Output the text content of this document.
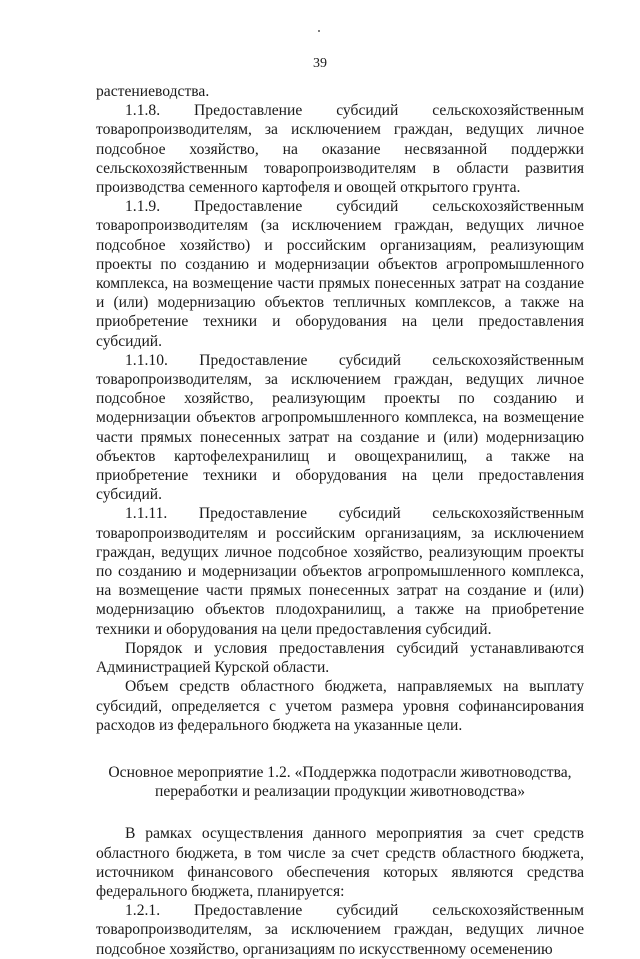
39

растениеводства.

1.1.8. Предоставление субсидий сельскохозяйственным товаропроизводителям, за исключением граждан, ведущих личное подсобное хозяйство, на оказание несвязанной поддержки сельскохозяйственным товаропроизводителям в области развития производства семенного картофеля и овощей открытого грунта.

1.1.9. Предоставление субсидий сельскохозяйственным товаропроизводителям (за исключением граждан, ведущих личное подсобное хозяйство) и российским организациям, реализующим проекты по созданию и модернизации объектов агропромышленного комплекса, на возмещение части прямых понесенных затрат на создание и (или) модернизацию объектов тепличных комплексов, а также на приобретение техники и оборудования на цели предоставления субсидий.

1.1.10. Предоставление субсидий сельскохозяйственным товаропроизводителям, за исключением граждан, ведущих личное подсобное хозяйство, реализующим проекты по созданию и модернизации объектов агропромышленного комплекса, на возмещение части прямых понесенных затрат на создание и (или) модернизацию объектов картофелехранилищ и овощехранилищ, а также на приобретение техники и оборудования на цели предоставления субсидий.

1.1.11. Предоставление субсидий сельскохозяйственным товаропроизводителям и российским организациям, за исключением граждан, ведущих личное подсобное хозяйство, реализующим проекты по созданию и модернизации объектов агропромышленного комплекса, на возмещение части прямых понесенных затрат на создание и (или) модернизацию объектов плодохранилищ, а также на приобретение техники и оборудования на цели предоставления субсидий.

Порядок и условия предоставления субсидий устанавливаются Администрацией Курской области.

Объем средств областного бюджета, направляемых на выплату субсидий, определяется с учетом размера уровня софинансирования расходов из федерального бюджета на указанные цели.

Основное мероприятие 1.2. «Поддержка подотрасли животноводства, переработки и реализации продукции животноводства»

В рамках осуществления данного мероприятия за счет средств областного бюджета, в том числе за счет средств областного бюджета, источником финансового обеспечения которых являются средства федерального бюджета, планируется:

1.2.1. Предоставление субсидий сельскохозяйственным товаропроизводителям, за исключением граждан, ведущих личное подсобное хозяйство, организациям по искусственному осеменению
